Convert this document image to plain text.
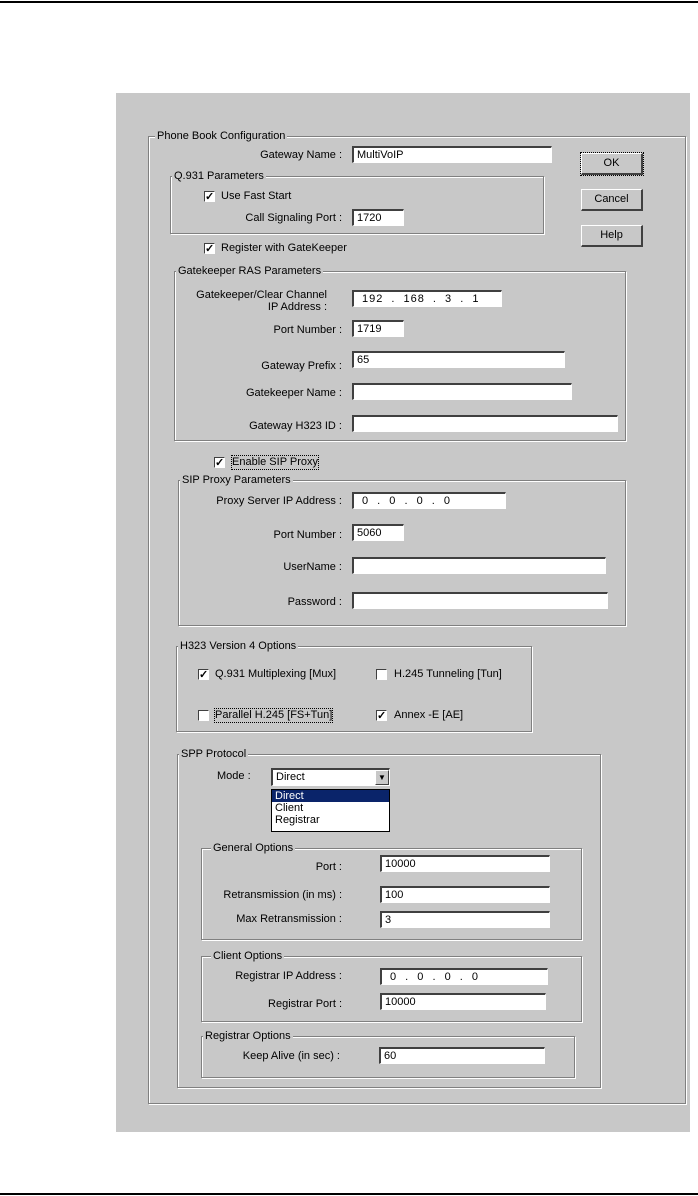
Phone Book Configuration
Gateway Name :	MultiVoIP
OK
Cancel
Help
Q.931 Parameters
✓ Use Fast Start
Call Signaling Port :	1720
✓ Register with GateKeeper
Gatekeeper RAS Parameters
Gatekeeper/Clear Channel
IP Address :
192 . 168 . 3 . 1
Port Number :	1719
Gateway Prefix :	65
Gatekeeper Name :
Gateway H323 ID :
✓ Enable SIP Proxy
SIP Proxy Parameters
Proxy Server IP Address :	0 . 0 . 0 . 0
Port Number :	5060
UserName :
Password :
H323 Version 4 Options
✓ Q.931 Multiplexing [Mux]	H.245 Tunneling [Tun]
Parallel H.245 [FS+Tun]	✓ Annex -E [AE]
SPP Protocol
Mode : Direct	▼
Direct
Client
Registrar
General Options
Port :	10000
Retransmission (in ms) :	100
Max Retransmission :	3
Client Options
Registrar IP Address :	0 . 0 . 0 . 0
Registrar Port :	10000
Registrar Options
Keep Alive (in sec) :	60
